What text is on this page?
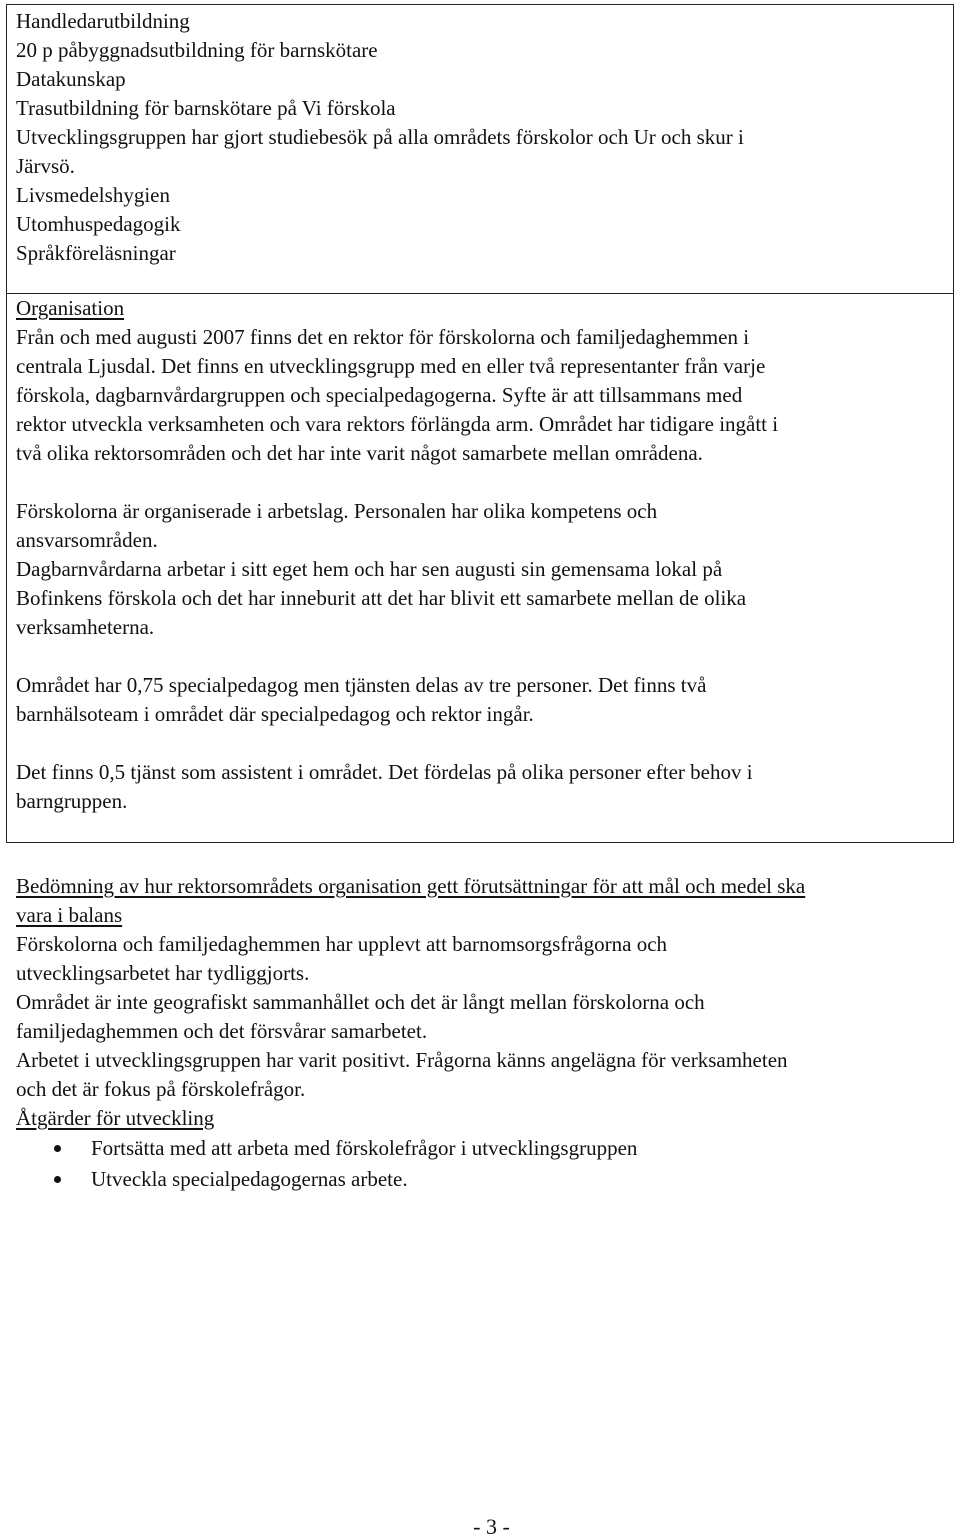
Handledarutbildning
20 p påbyggnadsutbildning för barnskötare
Datakunskap
Trasutbildning för barnskötare på Vi förskola
Utvecklingsgruppen har gjort studiebesök på alla områdets förskolor och Ur och skur i
Järvsö.
Livsmedelshygien
Utomhuspedagogik
Språkföreläsningar
Organisation
Från och med augusti 2007 finns det en rektor för förskolorna och familjedaghemmen i
centrala Ljusdal. Det finns en utvecklingsgrupp med en eller två representanter från varje
förskola, dagbarnvårdargruppen och specialpedagogerna. Syfte är att tillsammans med
rektor utveckla verksamheten och vara rektors förlängda arm. Området har tidigare ingått i
två olika rektorsområden och det har inte varit något samarbete mellan områdena.
Förskolorna är organiserade i arbetslag. Personalen har olika kompetens och
ansvarsområden.
Dagbarnvårdarna arbetar i sitt eget hem och har sen augusti sin gemensama lokal på
Bofinkens förskola och det har inneburit att det har blivit ett samarbete mellan de olika
verksamheterna.
Området har 0,75 specialpedagog men tjänsten delas av tre personer. Det finns två
barnhälsoteam i området där specialpedagog och rektor ingår.
Det finns 0,5 tjänst som assistent i området. Det fördelas på olika personer efter behov i
barngruppen.
Bedömning av hur rektorsområdets organisation gett förutsättningar för att mål och medel ska
vara i balans
Förskolorna och familjedaghemmen har upplevt att barnomsorgsfrågorna och
utvecklingsarbetet har tydliggjorts.
Området är inte geografiskt sammanhållet och det är långt mellan förskolorna och
familjedaghemmen och det försvårar samarbetet.
Arbetet i utvecklingsgruppen har varit positivt. Frågorna känns angelägna för verksamheten
och det är fokus på förskolefrågor.
Åtgärder för utveckling
Fortsätta med att arbeta med förskolefrågor i utvecklingsgruppen
Utveckla specialpedagogernas arbete.
- 3 -
